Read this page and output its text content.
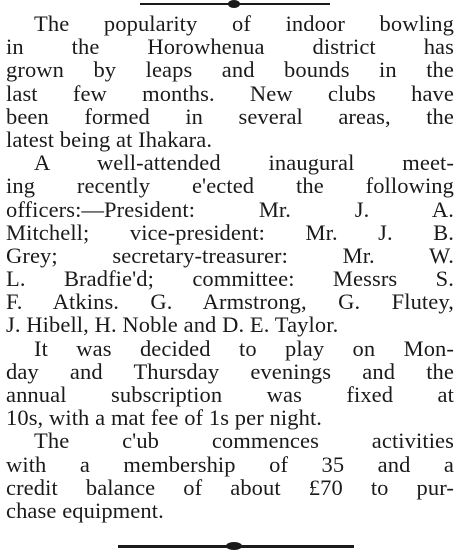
The popularity of indoor bowling
in the Horowhenua district has
grown by leaps and bounds in the
last few months. New clubs have
been formed in several areas, the
latest being at Ihakara.
A well-attended inaugural meet-
ing recently e'ected the following
officers:—President: Mr. J. A.
Mitchell; vice-president: Mr. J. B.
Grey; secretary-treasurer: Mr. W.
L. Bradfie'd; committee: Messrs S.
F. Atkins. G. Armstrong, G. Flutey,
J. Hibell, H. Noble and D. E. Taylor.
It was decided to play on Mon-
day and Thursday evenings and the
annual subscription was fixed at
10s, with a mat fee of 1s per night.
The c'ub commences activities
with a membership of 35 and a
credit balance of about £70 to pur-
chase equipment.
